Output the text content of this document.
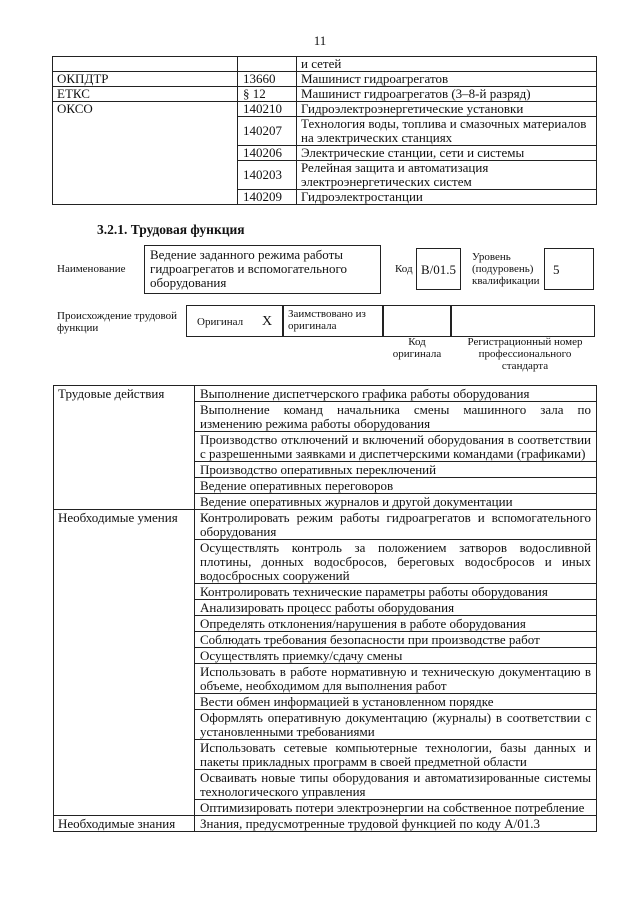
11
		и сетей
ОКПДТР	13660	Машинист гидроагрегатов
ЕТКС	§ 12	Машинист гидроагрегатов (3–8-й разряд)
ОКСО	140210	Гидроэлектроэнергетические установки
	140207	Технология воды, топлива и смазочных материалов на электрических станциях
	140206	Электрические станции, сети и системы
	140203	Релейная защита и автоматизация электроэнергетических систем
	140209	Гидроэлектростанции
3.2.1. Трудовая функция
Наименование
Ведение заданного режима работы гидроагрегатов и вспомогательного оборудования
Код B/01.5
Уровень (подуровень) квалификации
5
Происхождение трудовой функции	Оригинал X Заимствовано из оригинала
Код оригинала
Регистрационный номер профессионального стандарта
Трудовые действия	Выполнение диспетчерского графика работы оборудования
	Выполнение команд начальника смены машинного зала по изменению режима работы оборудования
	Производство отключений и включений оборудования в соответствии с разрешенными заявками и диспетчерскими командами (графиками)
	Производство оперативных переключений
	Ведение оперативных переговоров
	Ведение оперативных журналов и другой документации
Необходимые умения	Контролировать режим работы гидроагрегатов и вспомогательного оборудования
	Осуществлять контроль за положением затворов водосливной плотины, донных водосбросов, береговых водосбросов и иных водосбросных сооружений
	Контролировать технические параметры работы оборудования
	Анализировать процесс работы оборудования
	Определять отклонения/нарушения в работе оборудования
	Соблюдать требования безопасности при производстве работ
	Осуществлять приемку/сдачу смены
	Использовать в работе нормативную и техническую документацию в объеме, необходимом для выполнения работ
	Вести обмен информацией в установленном порядке
	Оформлять оперативную документацию (журналы) в соответствии с установленными требованиями
	Использовать сетевые компьютерные технологии, базы данных и пакеты прикладных программ в своей предметной области
	Осваивать новые типы оборудования и автоматизированные системы технологического управления
	Оптимизировать потери электроэнергии на собственное потребление
Необходимые знания	Знания, предусмотренные трудовой функцией по коду А/01.3
